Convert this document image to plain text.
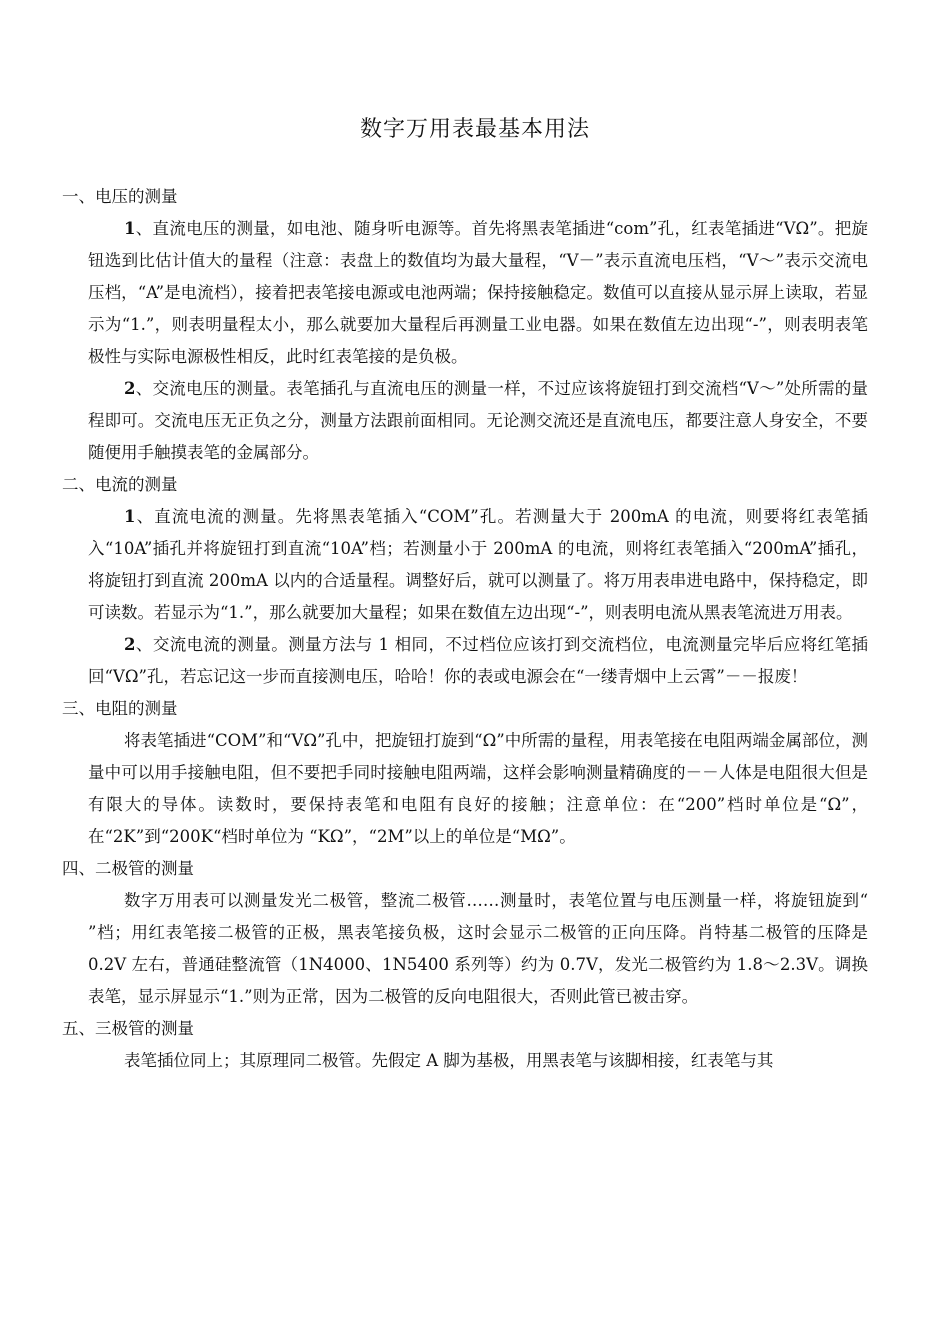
数字万用表最基本用法

一、电压的测量

1、直流电压的测量，如电池、随身听电源等。首先将黑表笔插进“com”孔，红表笔插进“VΩ”。把旋钮选到比估计值大的量程（注意：表盘上的数值均为最大量程，“V－”表示直流电压档，“V～”表示交流电压档，“A”是电流档），接着把表笔接电源或电池两端；保持接触稳定。数值可以直接从显示屏上读取，若显示为“1.”，则表明量程太小，那么就要加大量程后再测量工业电器。如果在数值左边出现“-”，则表明表笔极性与实际电源极性相反，此时红表笔接的是负极。

2、交流电压的测量。表笔插孔与直流电压的测量一样，不过应该将旋钮打到交流档“V～”处所需的量程即可。交流电压无正负之分，测量方法跟前面相同。无论测交流还是直流电压，都要注意人身安全，不要随便用手触摸表笔的金属部分。

二、电流的测量

1、直流电流的测量。先将黑表笔插入“COM”孔。若测量大于 200mA 的电流，则要将红表笔插入“10A”插孔并将旋钮打到直流“10A”档；若测量小于 200mA 的电流，则将红表笔插入“200mA”插孔，将旋钮打到直流 200mA 以内的合适量程。调整好后，就可以测量了。将万用表串进电路中，保持稳定，即可读数。若显示为“1.”，那么就要加大量程；如果在数值左边出现“-”，则表明电流从黑表笔流进万用表。

2、交流电流的测量。测量方法与 1 相同，不过档位应该打到交流档位，电流测量完毕后应将红笔插回“VΩ”孔，若忘记这一步而直接测电压，哈哈！你的表或电源会在“一缕青烟中上云霄”－－报废！

三、电阻的测量

将表笔插进“COM”和“VΩ”孔中，把旋钮打旋到“Ω”中所需的量程，用表笔接在电阻两端金属部位，测量中可以用手接触电阻，但不要把手同时接触电阻两端，这样会影响测量精确度的－－人体是电阻很大但是有限大的导体。读数时，要保持表笔和电阻有良好的接触；注意单位：在“200”档时单位是“Ω”，在“2K”到“200K“档时单位为 “KΩ”，“2M”以上的单位是“MΩ”。

四、二极管的测量

数字万用表可以测量发光二极管，整流二极管……测量时，表笔位置与电压测量一样，将旋钮旋到“ ”档；用红表笔接二极管的正极，黑表笔接负极，这时会显示二极管的正向压降。肖特基二极管的压降是 0.2V 左右，普通硅整流管（1N4000、1N5400 系列等）约为 0.7V，发光二极管约为 1.8～2.3V。调换表笔，显示屏显示“1.”则为正常，因为二极管的反向电阻很大，否则此管已被击穿。

五、三极管的测量

表笔插位同上；其原理同二极管。先假定 A 脚为基极，用黑表笔与该脚相接，红表笔与其
